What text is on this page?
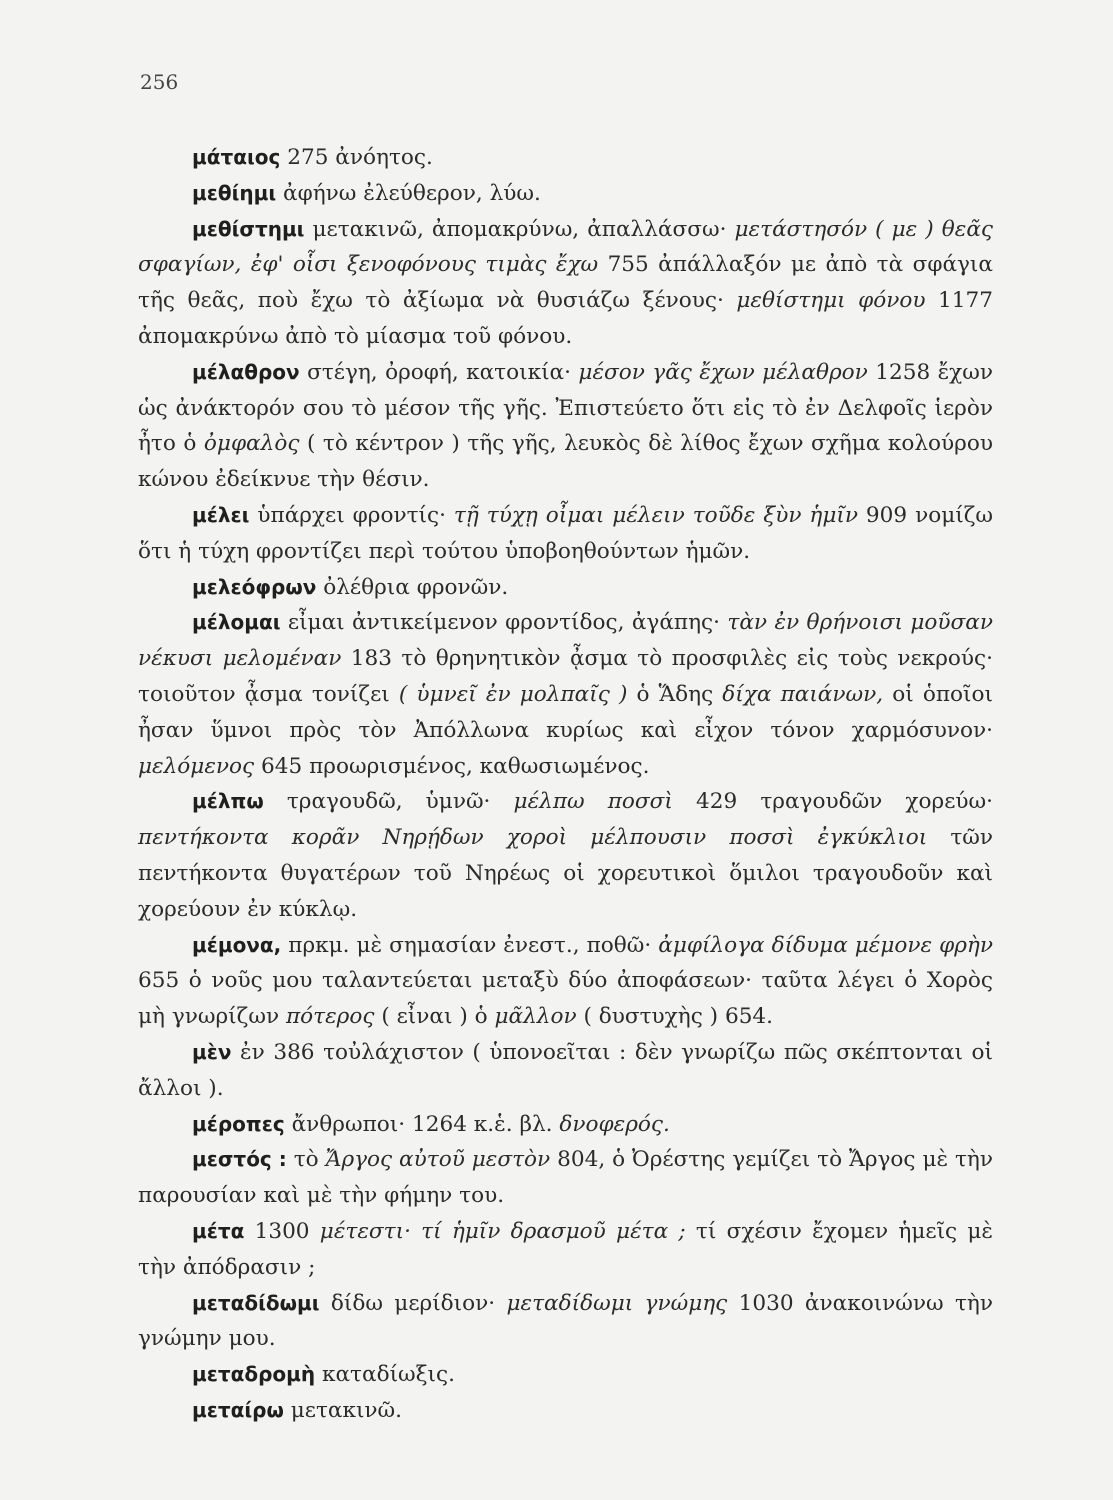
256

μάταιος 275 ἀνόητος.

μεθίημι ἀφήνω ἐλεύθερον, λύω.

μεθίστημι μετακινῶ, ἀπομακρύνω, ἀπαλλάσσω· μετάστησόν ( με ) θεᾶς σφαγίων, ἐφ' οἷσι ξενοφόνους τιμὰς ἔχω 755 ἀπάλλαξόν με ἀπὸ τὰ σφάγια τῆς θεᾶς, ποὺ ἔχω τὸ ἀξίωμα νὰ θυσιάζω ξένους· μεθίστημι φόνου 1177 ἀπομακρύνω ἀπὸ τὸ μίασμα τοῦ φόνου.

μέλαθρον στέγη, ὀροφή, κατοικία· μέσον γᾶς ἔχων μέλαθρον 1258 ἔχων ὡς ἀνάκτορόν σου τὸ μέσον τῆς γῆς. Ἐπιστεύετο ὅτι εἰς τὸ ἐν Δελφοῖς ἱερὸν ἦτο ὁ ὀμφαλὸς ( τὸ κέντρον ) τῆς γῆς, λευκὸς δὲ λίθος ἔχων σχῆμα κολούρου κώνου ἐδείκνυε τὴν θέσιν.

μέλει ὑπάρχει φροντίς· τῇ τύχῃ οἶμαι μέλειν τοῦδε ξὺν ἡμῖν 909 νομίζω ὅτι ἡ τύχη φροντίζει περὶ τούτου ὑποβοηθούντων ἡμῶν.

μελεόφρων ὀλέθρια φρονῶν.

μέλομαι εἶμαι ἀντικείμενον φροντίδος, ἀγάπης· τὰν ἐν θρήνοισι μοῦσαν νέκυσι μελομέναν 183 τὸ θρηνητικὸν ᾆσμα τὸ προσφιλὲς εἰς τοὺς νεκρούς· τοιοῦτον ᾆσμα τονίζει ( ὑμνεῖ ἐν μολπαῖς ) ὁ Ἅδης δίχα παιάνων, οἱ ὁποῖοι ἦσαν ὕμνοι πρὸς τὸν Ἀπόλλωνα κυρίως καὶ εἶχον τόνον χαρμόσυνον· μελόμενος 645 προωρισμένος, καθωσιωμένος.

μέλπω τραγουδῶ, ὑμνῶ· μέλπω ποσσὶ 429 τραγουδῶν χορεύω· πεντήκοντα κορᾶν Νηρῄδων χοροὶ μέλπουσιν ποσσὶ ἐγκύκλιοι τῶν πεντήκοντα θυγατέρων τοῦ Νηρέως οἱ χορευτικοὶ ὅμιλοι τραγουδοῦν καὶ χορεύουν ἐν κύκλῳ.

μέμονα, πρκμ. μὲ σημασίαν ἐνεστ., ποθῶ· ἀμφίλογα δίδυμα μέμονε φρὴν 655 ὁ νοῦς μου ταλαντεύεται μεταξὺ δύο ἀποφάσεων· ταῦτα λέγει ὁ Χορὸς μὴ γνωρίζων πότερος ( εἶναι ) ὁ μᾶλλον ( δυστυχὴς ) 654.

μὲν ἐν 386 τοὐλάχιστον ( ὑπονοεῖται : δὲν γνωρίζω πῶς σκέπτονται οἱ ἄλλοι ).

μέροπες ἄνθρωποι· 1264 κ.ἑ. βλ. δνοφερός.

μεστός : τὸ Ἄργος αὐτοῦ μεστὸν 804, ὁ Ὀρέστης γεμίζει τὸ Ἄργος μὲ τὴν παρουσίαν καὶ μὲ τὴν φήμην του.

μέτα 1300 μέτεστι· τί ἡμῖν δρασμοῦ μέτα ; τί σχέσιν ἔχομεν ἡμεῖς μὲ τὴν ἀπόδρασιν ;

μεταδίδωμι δίδω μερίδιον· μεταδίδωμι γνώμης 1030 ἀνακοινώνω τὴν γνώμην μου.

μεταδρομὴ καταδίωξις.

μεταίρω μετακινῶ.
